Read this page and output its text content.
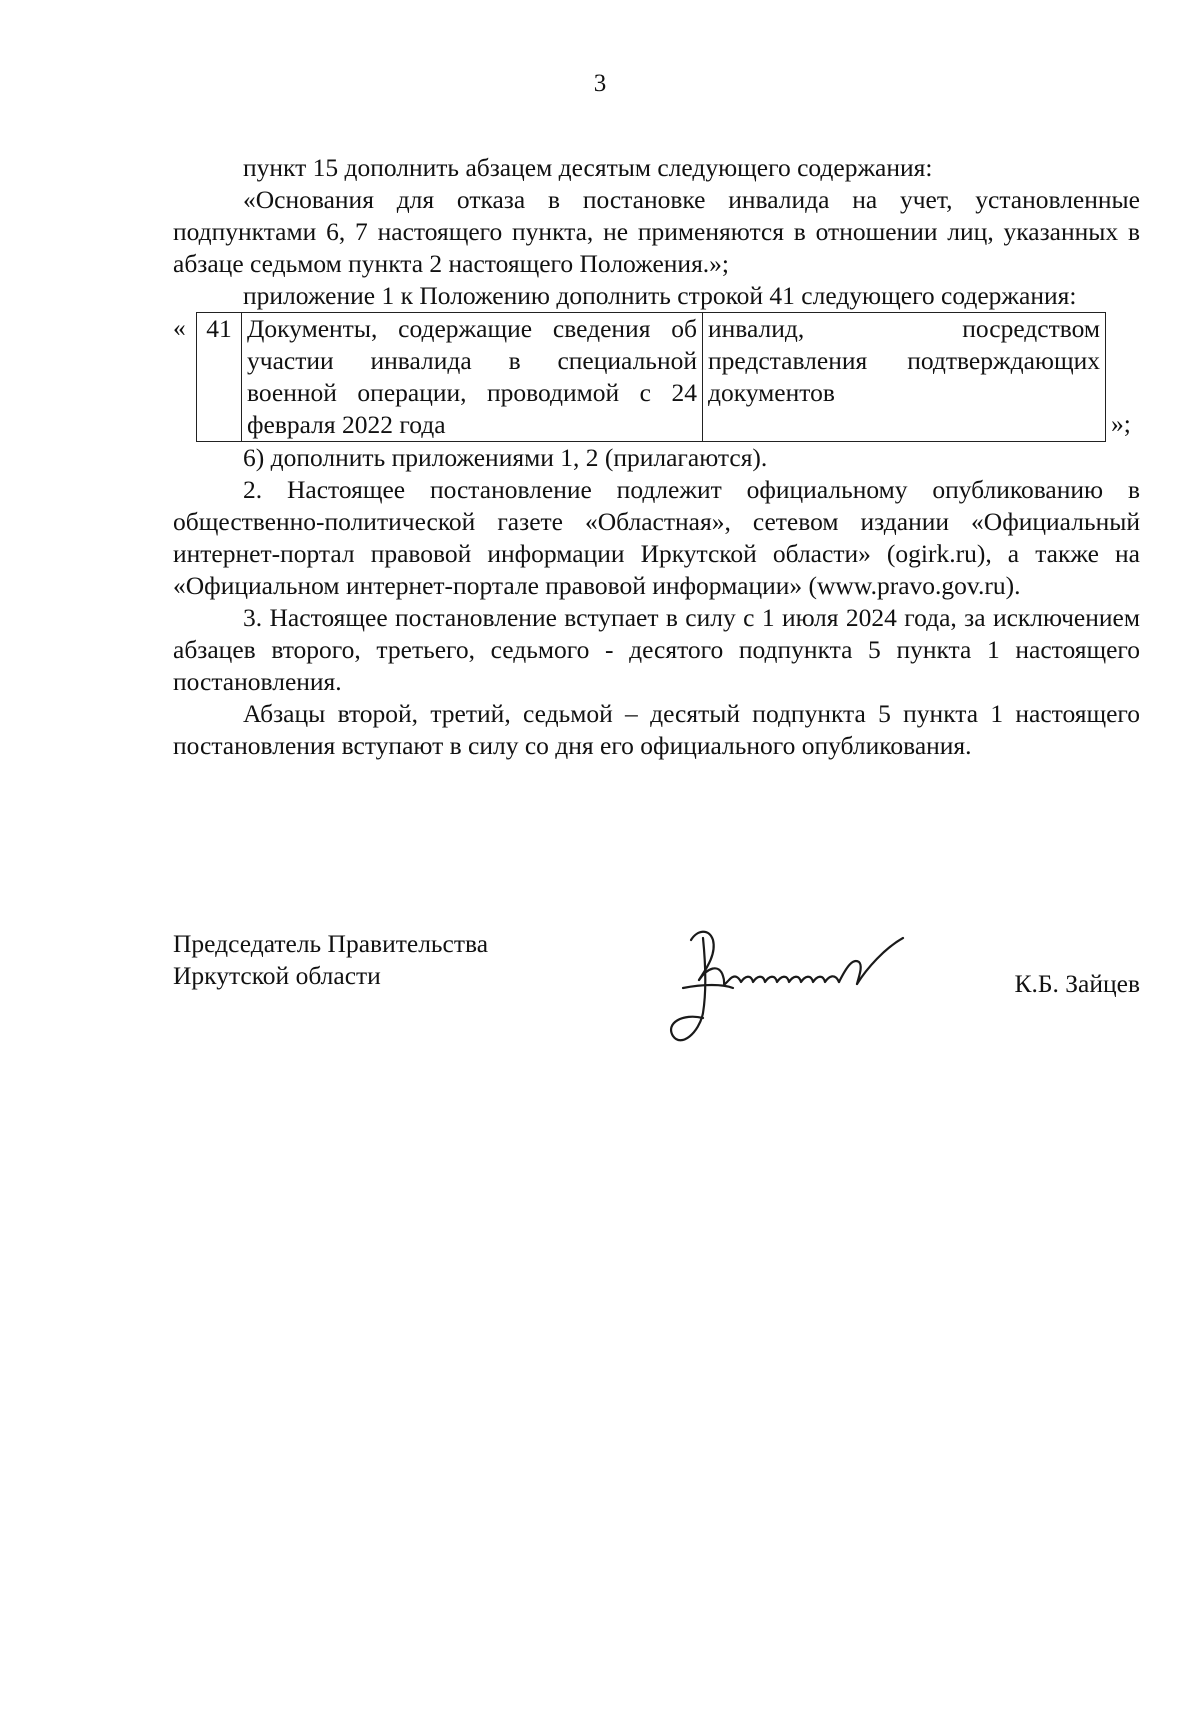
3

пункт 15 дополнить абзацем десятым следующего содержания:

«Основания для отказа в постановке инвалида на учет, установленные подпунктами 6, 7 настоящего пункта, не применяются в отношении лиц, указанных в абзаце седьмом пункта 2 настоящего Положения.»;

приложение 1 к Положению дополнить строкой 41 следующего содержания:

« 41	Документы, содержащие сведения об участии инвалида в специальной военной операции, проводимой с 24 февраля 2022 года	инвалид, посредством представления подтверждающих документов
»;

6) дополнить приложениями 1, 2 (прилагаются).

2. Настоящее постановление подлежит официальному опубликованию в общественно-политической газете «Областная», сетевом издании «Официальный интернет-портал правовой информации Иркутской области» (ogirk.ru), а также на «Официальном интернет-портале правовой информации» (www.pravo.gov.ru).

3. Настоящее постановление вступает в силу с 1 июля 2024 года, за исключением абзацев второго, третьего, седьмого - десятого подпункта 5 пункта 1 настоящего постановления.

Абзацы второй, третий, седьмой – десятый подпункта 5 пункта 1 настоящего постановления вступают в силу со дня его официального опубликования.

Председатель Правительства
Иркутской области	К.Б. Зайцев
